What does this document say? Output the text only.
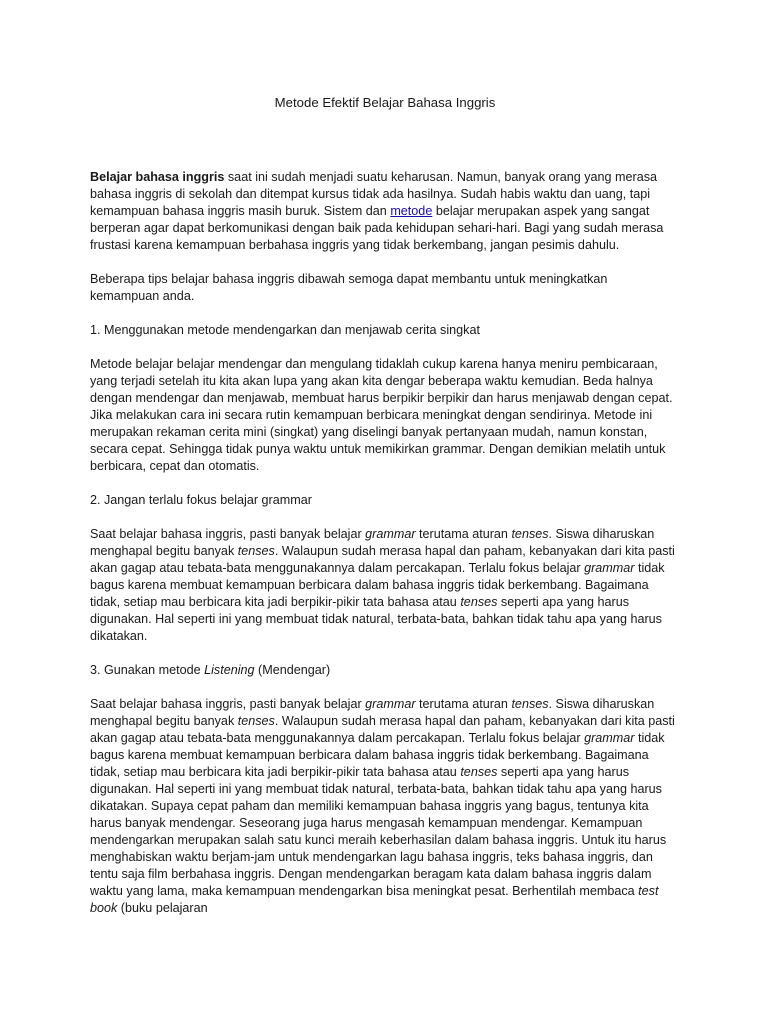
Metode Efektif Belajar Bahasa Inggris

Belajar bahasa inggris saat ini sudah menjadi suatu keharusan. Namun, banyak orang yang merasa bahasa inggris di sekolah dan ditempat kursus tidak ada hasilnya. Sudah habis waktu dan uang, tapi kemampuan bahasa inggris masih buruk. Sistem dan metode belajar merupakan aspek yang sangat berperan agar dapat berkomunikasi dengan baik pada kehidupan sehari-hari. Bagi yang sudah merasa frustasi karena kemampuan berbahasa inggris yang tidak berkembang, jangan pesimis dahulu.

Beberapa tips belajar bahasa inggris dibawah semoga dapat membantu untuk meningkatkan kemampuan anda.

1. Menggunakan metode mendengarkan dan menjawab cerita singkat

Metode belajar belajar mendengar dan mengulang tidaklah cukup karena hanya meniru pembicaraan, yang terjadi setelah itu kita akan lupa yang akan kita dengar beberapa waktu kemudian. Beda halnya dengan mendengar dan menjawab, membuat harus berpikir berpikir dan harus menjawab dengan cepat. Jika melakukan cara ini secara rutin kemampuan berbicara meningkat dengan sendirinya. Metode ini merupakan rekaman cerita mini (singkat) yang diselingi banyak pertanyaan mudah, namun konstan, secara cepat. Sehingga tidak punya waktu untuk memikirkan grammar. Dengan demikian melatih untuk berbicara, cepat dan otomatis.

2. Jangan terlalu fokus belajar grammar

Saat belajar bahasa inggris, pasti banyak belajar grammar terutama aturan tenses. Siswa diharuskan menghapal begitu banyak tenses. Walaupun sudah merasa hapal dan paham, kebanyakan dari kita pasti akan gagap atau tebata-bata menggunakannya dalam percakapan. Terlalu fokus belajar grammar tidak bagus karena membuat kemampuan berbicara dalam bahasa inggris tidak berkembang. Bagaimana tidak, setiap mau berbicara kita jadi berpikir-pikir tata bahasa atau tenses seperti apa yang harus digunakan. Hal seperti ini yang membuat tidak natural, terbata-bata, bahkan tidak tahu apa yang harus dikatakan.

3. Gunakan metode Listening (Mendengar)

Saat belajar bahasa inggris, pasti banyak belajar grammar terutama aturan tenses. Siswa diharuskan menghapal begitu banyak tenses. Walaupun sudah merasa hapal dan paham, kebanyakan dari kita pasti akan gagap atau tebata-bata menggunakannya dalam percakapan. Terlalu fokus belajar grammar tidak bagus karena membuat kemampuan berbicara dalam bahasa inggris tidak berkembang. Bagaimana tidak, setiap mau berbicara kita jadi berpikir-pikir tata bahasa atau tenses seperti apa yang harus digunakan. Hal seperti ini yang membuat tidak natural, terbata-bata, bahkan tidak tahu apa yang harus dikatakan. Supaya cepat paham dan memiliki kemampuan bahasa inggris yang bagus, tentunya kita harus banyak mendengar. Seseorang juga harus mengasah kemampuan mendengar. Kemampuan mendengarkan merupakan salah satu kunci meraih keberhasilan dalam bahasa inggris. Untuk itu harus menghabiskan waktu berjam-jam untuk mendengarkan lagu bahasa inggris, teks bahasa inggris, dan tentu saja film berbahasa inggris. Dengan mendengarkan beragam kata dalam bahasa inggris dalam waktu yang lama, maka kemampuan mendengarkan bisa meningkat pesat. Berhentilah membaca test book (buku pelajaran
